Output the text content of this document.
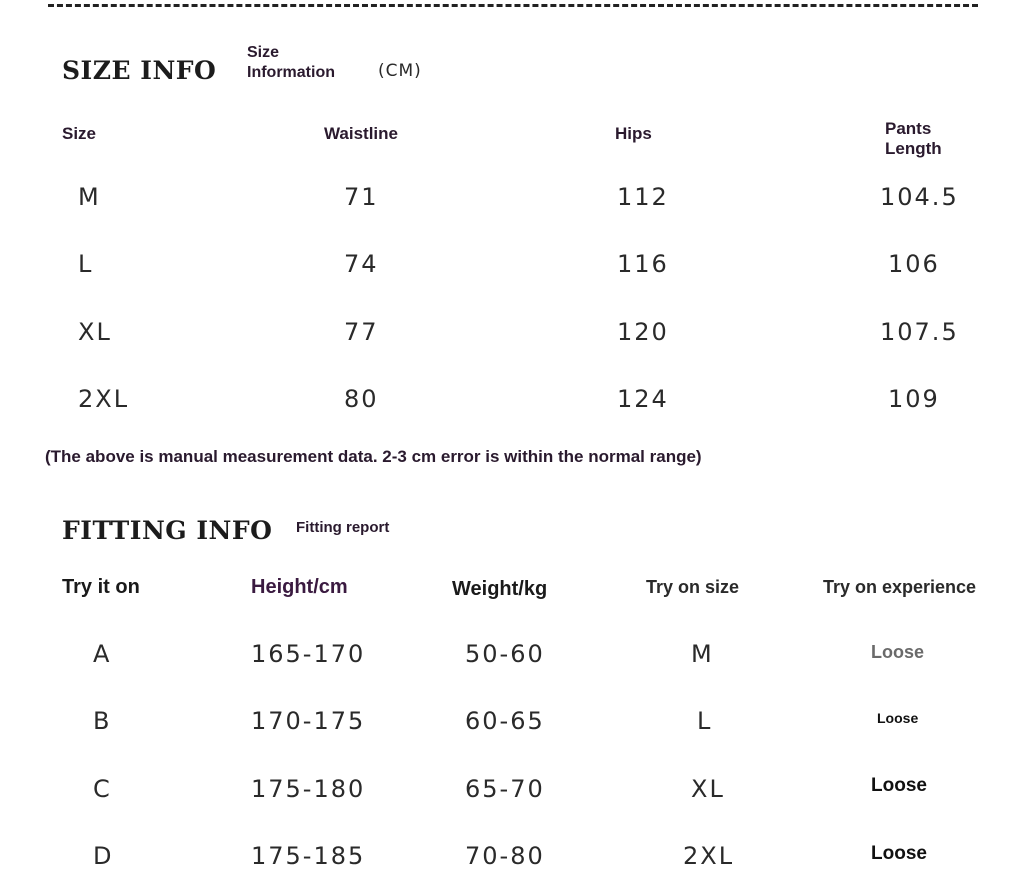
SIZE INFO
Size
Information	(CM)
Size	Waistline	Hips	Pants
Length
M	71	112	104.5
L	74	116	106
XL	77	120	107.5
2XL	80	124	109
(The above is manual measurement data. 2-3 cm error is within the normal range)
FITTING INFO Fitting report
Try it on	Height/cm	Weight/kg	Try on size	Try on experience
A	165-170	50-60	M	Loose
B	170-175	60-65	L	Loose
C	175-180	65-70	XL	Loose
D	175-185	70-80	2XL	Loose
